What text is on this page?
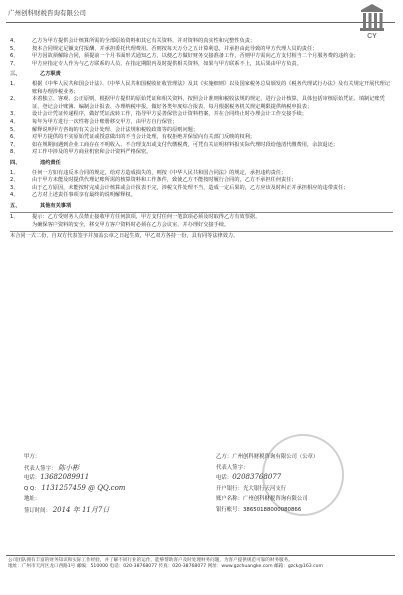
广州创科财税咨询有限公司
CY
4、	乙方为甲方提供会计核算所需的全部原始资料和其它有关资料，并对资料的真实性和完整性负责；
5、	按本合同规定足额支付报酬，并承担委托代理费用。否则按每天万分之五计算利息，并承担由此导致的甲方代理人员的责任；
6、	甲方因故须解除合同，须提前一个月书面形式通知乙方，以便乙方做好财务交接准备工作，否则甲方需向乙方支付相当二个月服务费的违约金；
7、	甲方应指定专人作为与乙方联系的人员，在指定期限内及时提供相关资料，如果与甲方联系不上，其后果由甲方负责。
三、	乙方职责
1、	根据《中华人民共和国会计法》、《中华人民共和国税收征收管理法》及其《实施细则》以及国家税务总局颁发的《税务代理试行办法》及有关规定开展代理记账和办理涉税业务；
2、	本着独立、客观、公正原则，根据甲方提供的原始凭证和相关资料，按照会计准则和税收法规的规定，进行会计核算，具体包括审核原始凭证、填制记账凭证、登记会计账簿、编制会计报表、办理纳税申报，做好各类年度综合报表、每月根据税务机关规定期限提供纳税申报表；
3、	设计会计凭证传递程序，做好凭证流转工作，指导甲方妥善保管会计资料档案，并在合同终止时办理会计工作交接手续；
4、	每年为甲方进行一次性将会计账册移交甲方，由甲方自行保管；
5、	解释说明甲方咨询的有关会计处理、会计法规和税收政策等的原则问题；
6、	对甲方提供的不实原始凭证或授意做出的不当会计处理，有权拒绝并保留向有关部门反映的权利；
7、	如在规期间遇到企业工商存在不明收入、不合理支出或支付代缴税费，可凭有关证明材料报实际代理时段给他清代缴费用，余款退还；
8、	对工作中涉及的甲方商业机密和会计资料严格保密。
四、	违约责任
1、	任何一方如有违反本合同的规定，给对方造成损失的，则按《中华人民共和国合同法》的规定，承担违约责任；
2、	由于甲方未能及时提供代理记账所需的核算资料和工作条件，致使乙方不能按时履行合同的，乙方不承担任何责任；
3、	由于乙方原因，未能按时完成会计核算或会计报表不完，涉税文件处理不当，造成一定后果的，乙方应该及时纠正并承担相应的违带责任；
4、	乙方对上述责任事项享有最终的说明解释权。
五、	其他有关事项
1、	提示：乙方受财务人员禁止接收甲方任何款项，甲方支付任何一笔款项必须及时取得乙方有效票据。
为确保客户资料的安全，移交甲方客户资料时必须在乙方会议室，并办理好交接手续。
本合同一式二份，自双方代表签字并加盖公章之日起生效，甲乙双方各持一份，具有同等法律效力。
甲方：
代表人签字： 陈小彬
电话：13682089911
Q Q： 1131257459 @ QQ.com
地址：
签订时间： 2014 年 11月7日
乙方：广州创科财税咨询有限公司（公章）
代表人签字：
电话：02083768077
开户银行：光大银行天河支行
账户名称：广州创科财税咨询有限公司
银行帐号：38650188000080866
公司团队拥有丰富的财务知识和实际工作经验，并了解不同行业的运作，能够帮助客户及时处理财务问题，为客户提供规范可靠的财务服务。
地址：广州市天河区龙口西路1号 邮编：510000 电话：020-38768077 传真：020-38768077 网址：www.gzchuangke.com 邮箱：gzck@163.com
